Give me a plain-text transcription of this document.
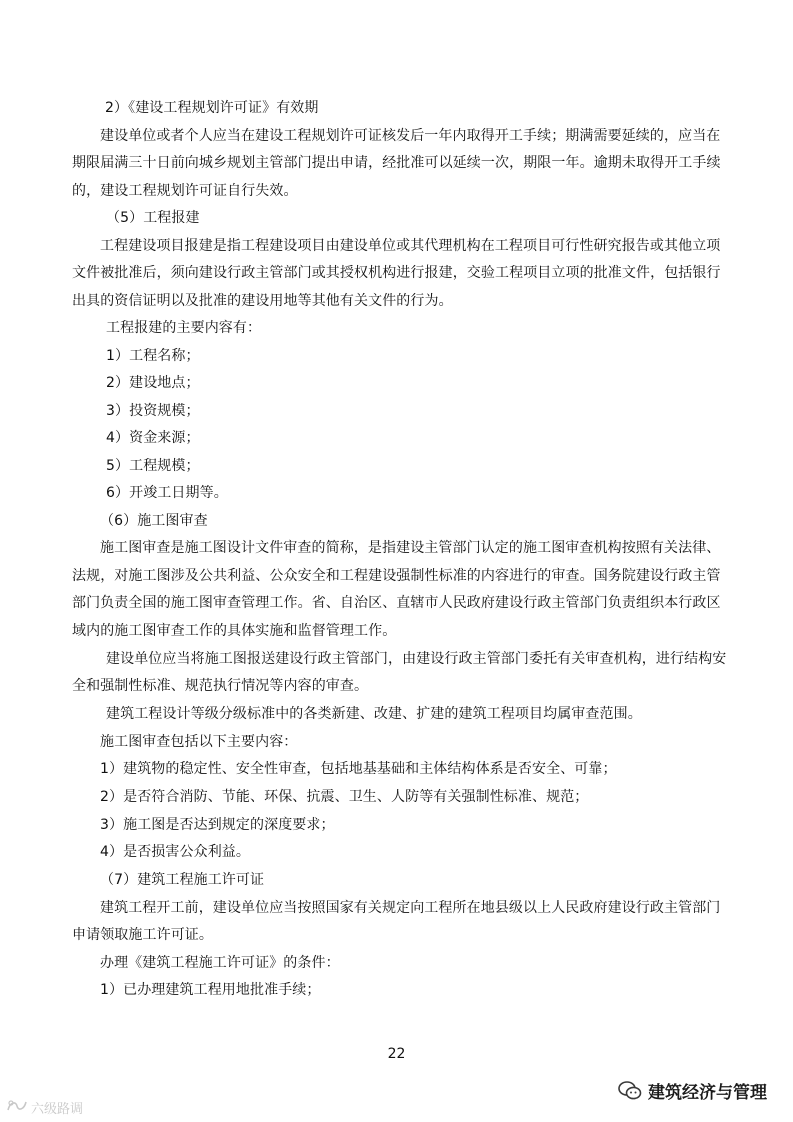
2）《建设工程规划许可证》有效期
建设单位或者个人应当在建设工程规划许可证核发后一年内取得开工手续；期满需要延续的，应当在
期限届满三十日前向城乡规划主管部门提出申请，经批准可以延续一次，期限一年。逾期未取得开工手续
的，建设工程规划许可证自行失效。
（5）工程报建
工程建设项目报建是指工程建设项目由建设单位或其代理机构在工程项目可行性研究报告或其他立项
文件被批准后，须向建设行政主管部门或其授权机构进行报建，交验工程项目立项的批准文件，包括银行
出具的资信证明以及批准的建设用地等其他有关文件的行为。
工程报建的主要内容有：
1）工程名称；
2）建设地点；
3）投资规模；
4）资金来源；
5）工程规模；
6）开竣工日期等。
（6）施工图审查
施工图审查是施工图设计文件审查的简称，是指建设主管部门认定的施工图审查机构按照有关法律、
法规，对施工图涉及公共利益、公众安全和工程建设强制性标准的内容进行的审查。国务院建设行政主管
部门负责全国的施工图审查管理工作。省、自治区、直辖市人民政府建设行政主管部门负责组织本行政区
域内的施工图审查工作的具体实施和监督管理工作。
建设单位应当将施工图报送建设行政主管部门，由建设行政主管部门委托有关审查机构，进行结构安
全和强制性标准、规范执行情况等内容的审查。
建筑工程设计等级分级标准中的各类新建、改建、扩建的建筑工程项目均属审查范围。
施工图审查包括以下主要内容：
1）建筑物的稳定性、安全性审查，包括地基基础和主体结构体系是否安全、可靠；
2）是否符合消防、节能、环保、抗震、卫生、人防等有关强制性标准、规范；
3）施工图是否达到规定的深度要求；
4）是否损害公众利益。
（7）建筑工程施工许可证
建筑工程开工前，建设单位应当按照国家有关规定向工程所在地县级以上人民政府建设行政主管部门
申请领取施工许可证。
办理《建筑工程施工许可证》的条件：
1）已办理建筑工程用地批准手续；
22
建筑经济与管理
六级路调
